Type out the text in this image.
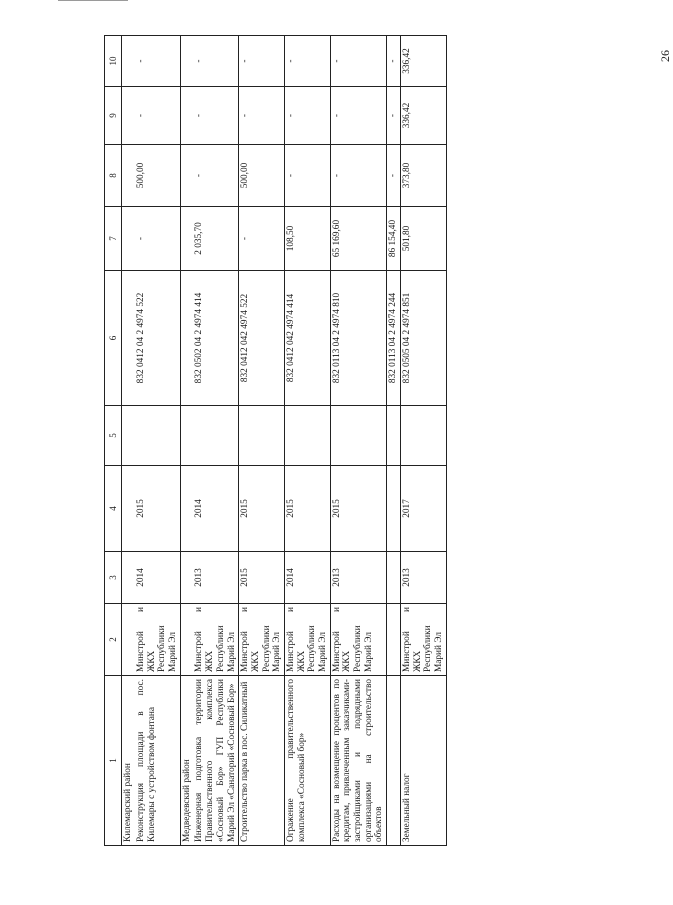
26
1	2	3	4	5	6	7	8	9	10
Килемарский район									
Реконструкция площади в пос. Килемары с устройством фонтана	Минстрой и ЖКХ Республики Марий Эл	2014	2015		832 0412 04 2 4974 522	-	500,00	-	-
Медведевский район									
Инженерная подготовка территории Правительственного комплекса «Сосновый Бор» ГУП Республики Марий Эл «Санаторий «Сосновый Бор»	Минстрой и ЖКХ Республики Марий Эл	2013	2014		832 0502 04 2 4974 414	2 035,70	-	-	-
Строительство парка в пос. Силикатный	Минстрой и ЖКХ Республики Марий Эл	2015	2015		832 0412 042 4974 522	-	500,00	-	-
Огражение правительственного комплекса «Сосновый бор»	Минстрой и ЖКХ Республики Марий Эл	2014	2015		832 0412 042 4974 414	108,50	-	-	-
Расходы на возмещение процентов по кредитам, привлеченным заказчиками-застройщиками и подрядными организациями на строительство объектов	Минстрой и ЖКХ Республики Марий Эл	2013	2015		832 0113 04 2 4974 810	65 169,60	-	-	-
					832 0113 04 2 4974 244	86 154,40	-	-	-
Земельный налог	Минстрой и ЖКХ Республики Марий Эл	2013	2017		832 0505 04 2 4974 851	501,80	373,80	336,42	336,42
